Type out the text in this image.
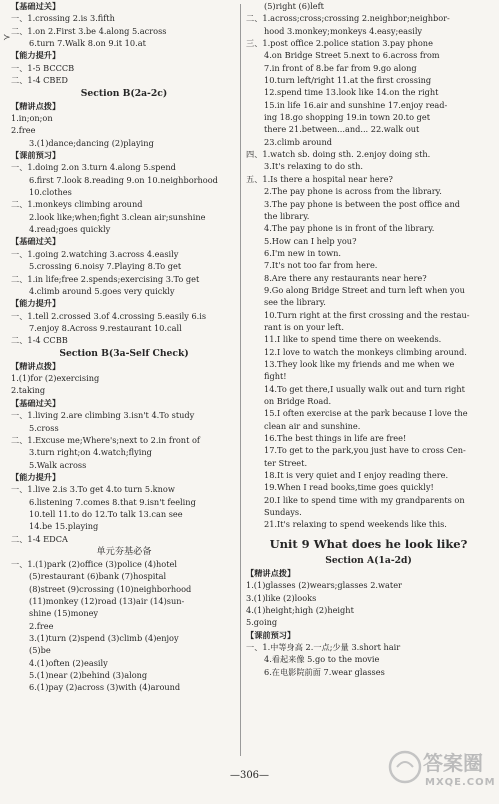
≻
【基础过关】
一、1.crossing 2.is 3.fifth
二、1.on 2.First 3.be 4.along 5.across
6.turn 7.Walk 8.on 9.it 10.at
【能力提升】
一、1-5 BCCCB
二、1-4 CBED
Section B(2a-2c)
【精讲点拨】
1.in;on;on
2.free
3.(1)dance;dancing (2)playing
【课前预习】
一、1.doing 2.on 3.turn 4.along 5.spend
6.first 7.look 8.reading 9.on 10.neighborhood
10.clothes
二、1.monkeys climbing around
2.look like;when;fight 3.clean air;sunshine
4.read;goes quickly
【基础过关】
一、1.going 2.watching 3.across 4.easily
5.crossing 6.noisy 7.Playing 8.To get
二、1.in life;free 2.spends;exercising 3.To get
4.climb around 5.goes very quickly
【能力提升】
一、1.tell 2.crossed 3.of 4.crossing 5.easily 6.is
7.enjoy 8.Across 9.restaurant 10.call
二、1-4 CCBB
Section B(3a-Self Check)
【精讲点拨】
1.(1)for (2)exercising
2.taking
【基础过关】
一、1.living 2.are climbing 3.isn't 4.To study
5.cross
二、1.Excuse me;Where's;next to 2.in front of
3.turn right;on 4.watch;flying
5.Walk across
【能力提升】
一、1.live 2.is 3.To get 4.to turn 5.know
6.listening 7.comes 8.that 9.isn't feeling
10.tell 11.to do 12.To talk 13.can see
14.be 15.playing
二、1-4 EDCA
单元夯基必备
一、1.(1)park (2)office (3)police (4)hotel
(5)restaurant (6)bank (7)hospital
(8)street (9)crossing (10)neighborhood
(11)monkey (12)road (13)air (14)sun-
shine (15)money
2.free
3.(1)turn (2)spend (3)climb (4)enjoy
(5)be
4.(1)often (2)easily
5.(1)near (2)behind (3)along
6.(1)pay (2)across (3)with (4)around
(5)right (6)left
二、1.across;cross;crossing 2.neighbor;neighbor-
hood 3.monkey;monkeys 4.easy;easily
三、1.post office 2.police station 3.pay phone
4.on Bridge Street 5.next to 6.across from
7.in front of 8.be far from 9.go along
10.turn left/right 11.at the first crossing
12.spend time 13.look like 14.on the right
15.in life 16.air and sunshine 17.enjoy read-
ing 18.go shopping 19.in town 20.to get
there 21.between...and... 22.walk out
23.climb around
四、1.watch sb. doing sth. 2.enjoy doing sth.
3.It's relaxing to do sth.
五、1.Is there a hospital near here?
2.The pay phone is across from the library.
3.The pay phone is between the post office and
the library.
4.The pay phone is in front of the library.
5.How can I help you?
6.I'm new in town.
7.It's not too far from here.
8.Are there any restaurants near here?
9.Go along Bridge Street and turn left when you
see the library.
10.Turn right at the first crossing and the restau-
rant is on your left.
11.I like to spend time there on weekends.
12.I love to watch the monkeys climbing around.
13.They look like my friends and me when we
fight!
14.To get there,I usually walk out and turn right
on Bridge Road.
15.I often exercise at the park because I love the
clean air and sunshine.
16.The best things in life are free!
17.To get to the park,you just have to cross Cen-
ter Street.
18.It is very quiet and I enjoy reading there.
19.When I read books,time goes quickly!
20.I like to spend time with my grandparents on
Sundays.
21.It's relaxing to spend weekends like this.
Unit 9 What does he look like?
Section A(1a-2d)
【精讲点拨】
1.(1)glasses (2)wears;glasses 2.water
3.(1)like (2)looks
4.(1)height;high (2)height
5.going
【课前预习】
一、1.中等身高 2.一点;少量 3.short hair
4.看起来像 5.go to the movie
6.在电影院前面 7.wear glasses
—306—
答案圈
MXQE.COM
